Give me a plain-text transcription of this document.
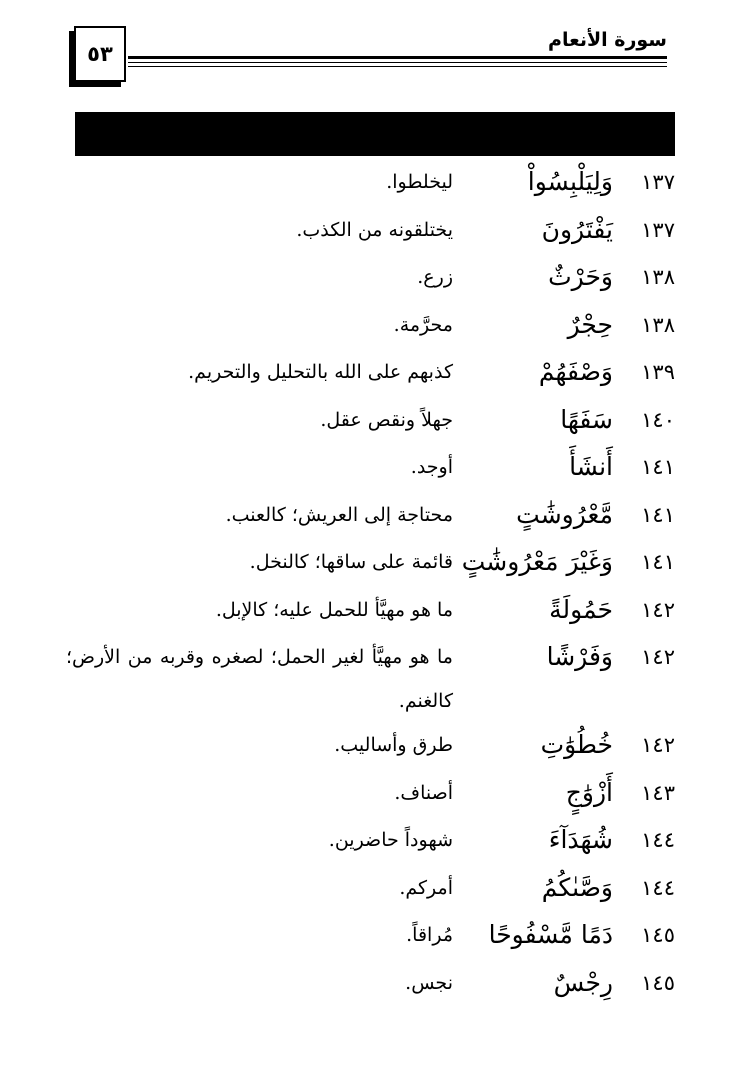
٥٣
سورة الأنعام
١٣٧
وَلِيَلْبِسُواْ
ليخلطوا.
١٣٧
يَفْتَرُونَ
يختلقونه من الكذب.
١٣٨
وَحَرْثٌ
زرع.
١٣٨
حِجْرٌ
محرَّمة.
١٣٩
وَصْفَهُمْ
كذبهم على الله بالتحليل والتحريم.
١٤٠
سَفَهًا
جهلاً ونقص عقل.
١٤١
أَنشَأَ
أوجد.
١٤١
مَّعْرُوشَٰتٍ
محتاجة إلى العريش؛ كالعنب.
١٤١
وَغَيْرَ مَعْرُوشَٰتٍ
قائمة على ساقها؛ كالنخل.
١٤٢
حَمُولَةً
ما هو مهيَّأ للحمل عليه؛ كالإبل.
١٤٢
وَفَرْشًا
ما هو مهيَّأ لغير الحمل؛ لصغره وقربه من الأرض؛ كالغنم.
١٤٢
خُطُوَٰتِ
طرق وأساليب.
١٤٣
أَزْوَٰجٍ
أصناف.
١٤٤
شُهَدَآءَ
شهوداً حاضرين.
١٤٤
وَصَّىٰكُمُ
أمركم.
١٤٥
دَمًا مَّسْفُوحًا
مُراقاً.
١٤٥
رِجْسٌ
نجس.
